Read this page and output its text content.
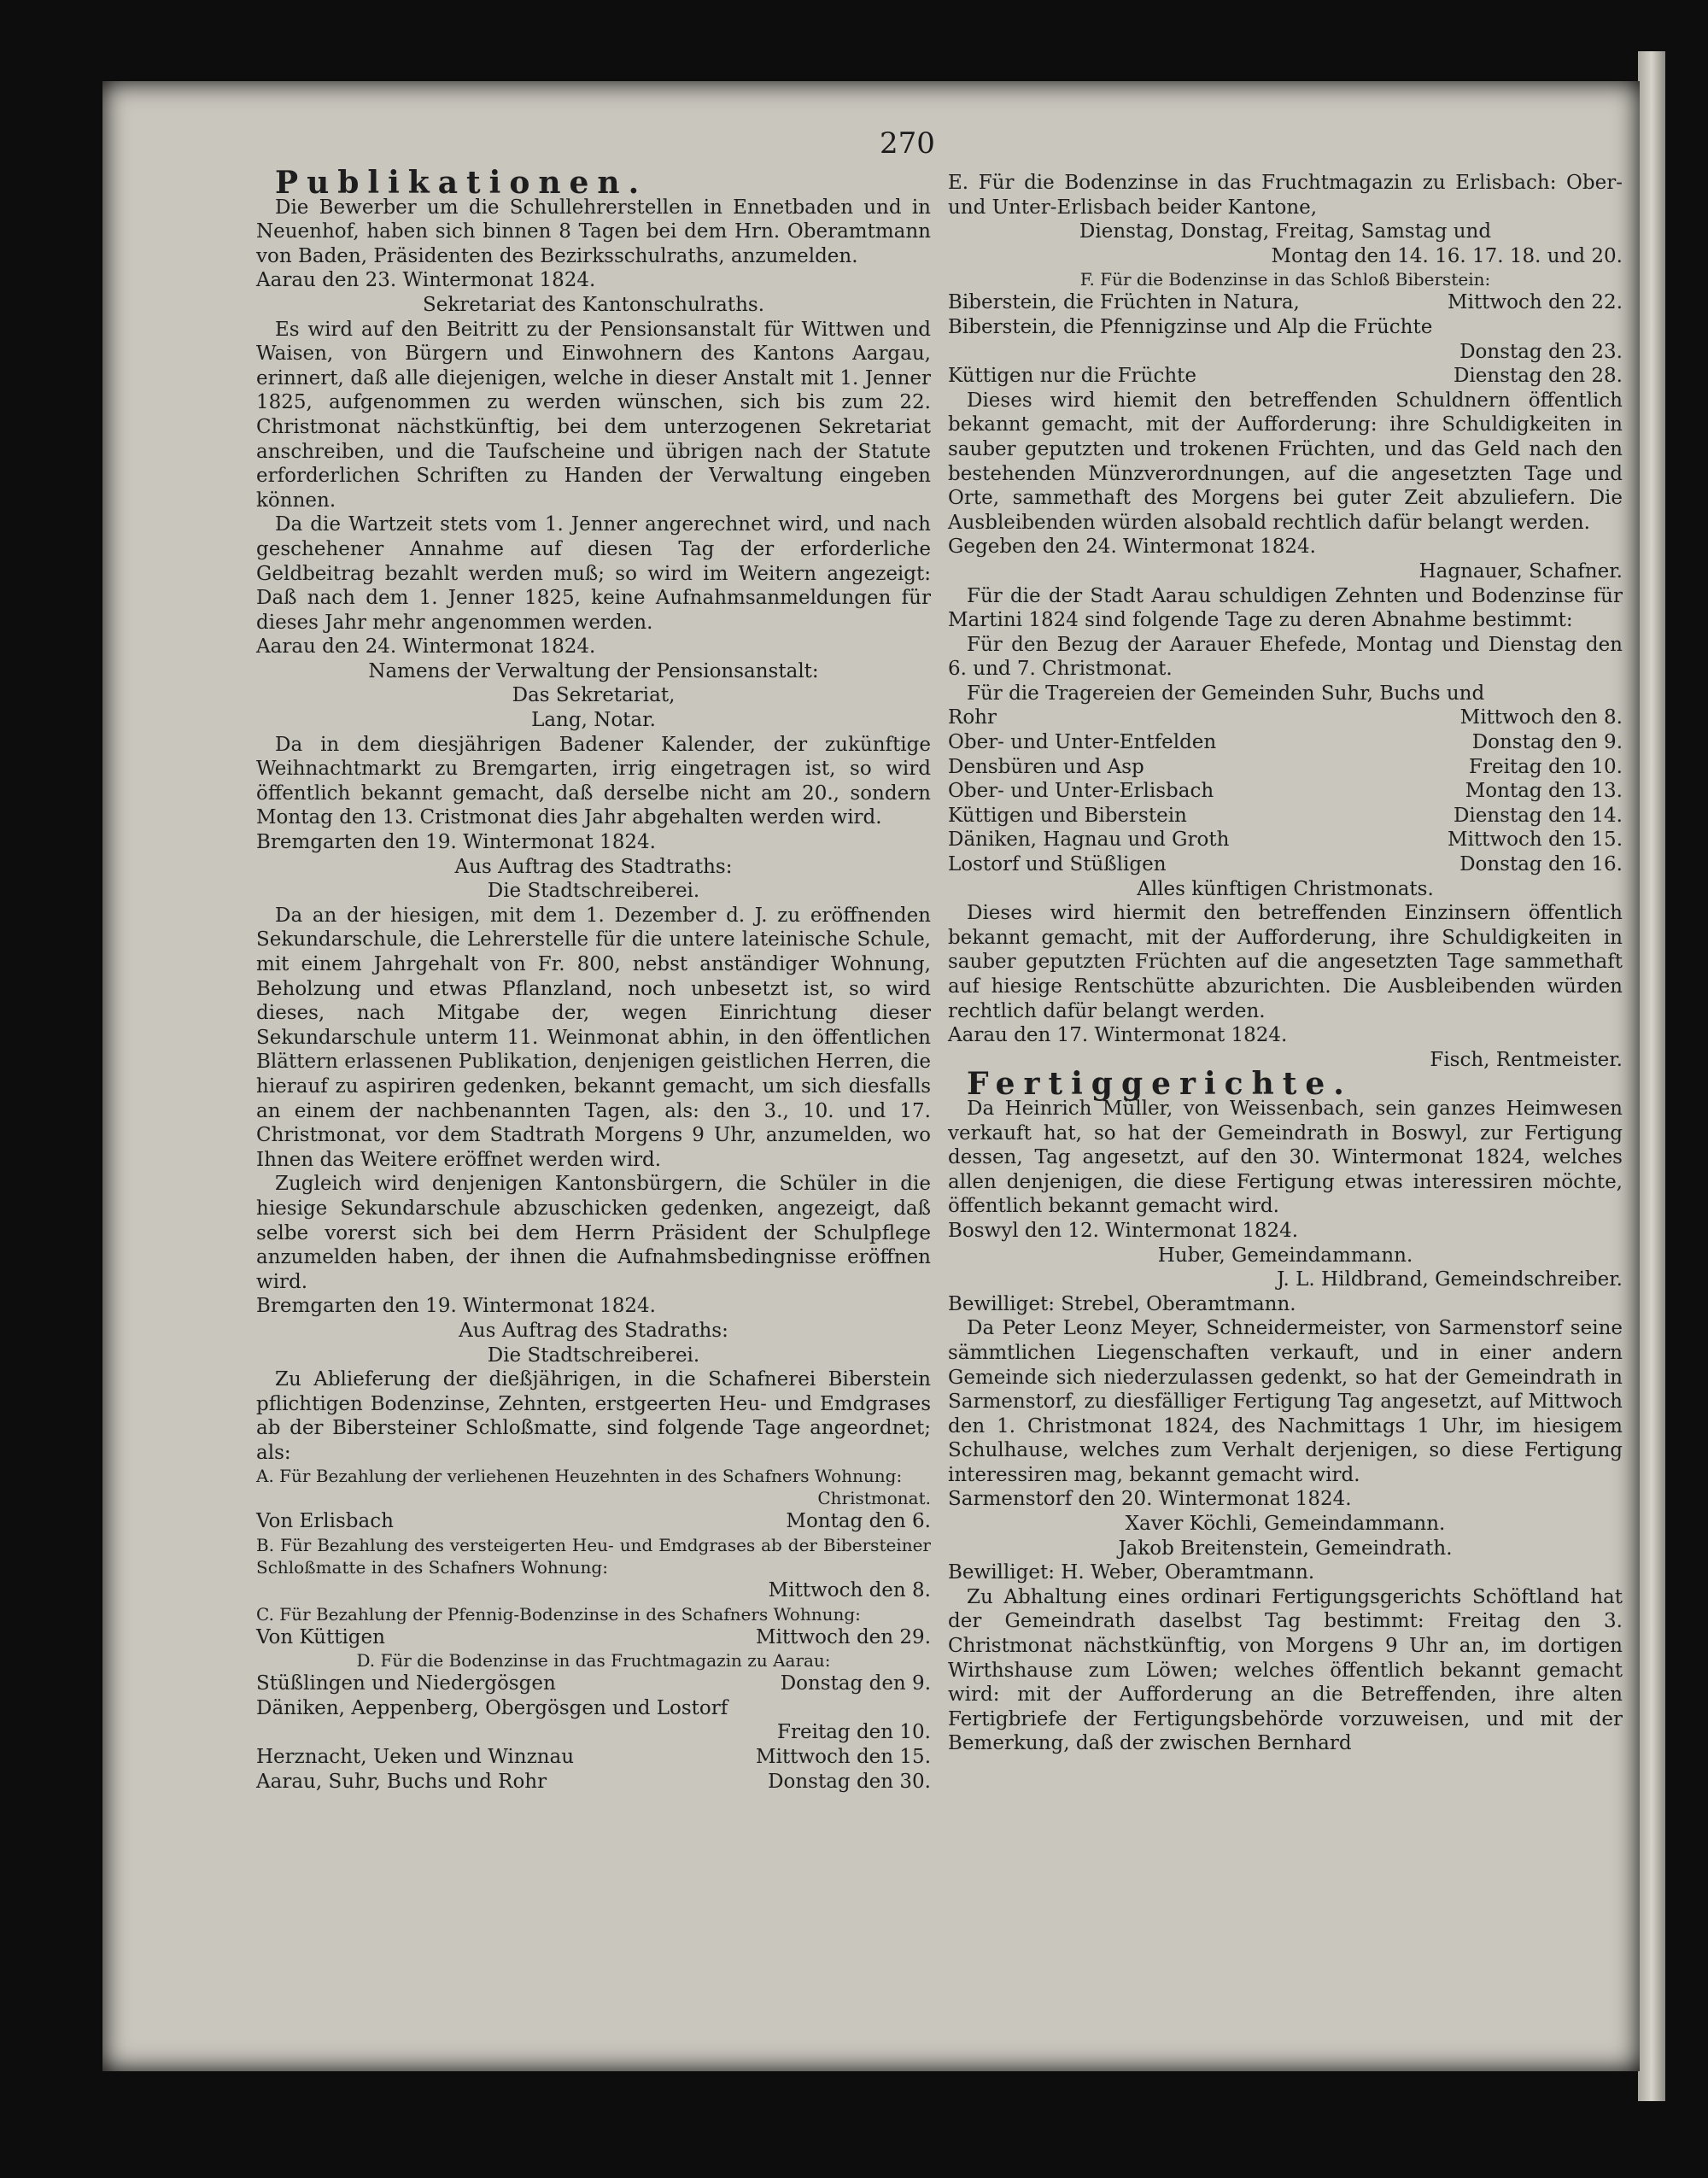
270

Publikationen.

Die Bewerber um die Schullehrerstellen in Ennetbaden und in Neuenhof, haben sich binnen 8 Tagen bei dem Hrn. Oberamtmann von Baden, Präsidenten des Bezirksschulraths, anzumelden.

Aarau den 23. Wintermonat 1824.

Sekretariat des Kantonschulraths.

Es wird auf den Beitritt zu der Pensionsanstalt für Wittwen und Waisen, von Bürgern und Einwohnern des Kantons Aargau, erinnert, daß alle diejenigen, welche in dieser Anstalt mit 1. Jenner 1825, aufgenommen zu werden wünschen, sich bis zum 22. Christmonat nächstkünftig, bei dem unterzogenen Sekretariat anschreiben, und die Taufscheine und übrigen nach der Statute erforderlichen Schriften zu Handen der Verwaltung eingeben können.

Da die Wartzeit stets vom 1. Jenner angerechnet wird, und nach geschehener Annahme auf diesen Tag der erforderliche Geldbeitrag bezahlt werden muß; so wird im Weitern angezeigt: Daß nach dem 1. Jenner 1825, keine Aufnahmsanmeldungen für dieses Jahr mehr angenommen werden.

Aarau den 24. Wintermonat 1824.

Namens der Verwaltung der Pensionsanstalt:

Das Sekretariat,

Lang, Notar.

Da in dem diesjährigen Badener Kalender, der zukünftige Weihnachtmarkt zu Bremgarten, irrig eingetragen ist, so wird öffentlich bekannt gemacht, daß derselbe nicht am 20., sondern Montag den 13. Cristmonat dies Jahr abgehalten werden wird.

Bremgarten den 19. Wintermonat 1824.

Aus Auftrag des Stadtraths:

Die Stadtschreiberei.

Da an der hiesigen, mit dem 1. Dezember d. J. zu eröffnenden Sekundarschule, die Lehrerstelle für die untere lateinische Schule, mit einem Jahrgehalt von Fr. 800, nebst anständiger Wohnung, Beholzung und etwas Pflanzland, noch unbesetzt ist, so wird dieses, nach Mitgabe der, wegen Einrichtung dieser Sekundarschule unterm 11. Weinmonat abhin, in den öffentlichen Blättern erlassenen Publikation, denjenigen geistlichen Herren, die hierauf zu aspiriren gedenken, bekannt gemacht, um sich diesfalls an einem der nachbenannten Tagen, als: den 3., 10. und 17. Christmonat, vor dem Stadtrath Morgens 9 Uhr, anzumelden, wo Ihnen das Weitere eröffnet werden wird.

Zugleich wird denjenigen Kantonsbürgern, die Schüler in die hiesige Sekundarschule abzuschicken gedenken, angezeigt, daß selbe vorerst sich bei dem Herrn Präsident der Schulpflege anzumelden haben, der ihnen die Aufnahmsbedingnisse eröffnen wird.

Bremgarten den 19. Wintermonat 1824.

Aus Auftrag des Stadraths:

Die Stadtschreiberei.

Zu Ablieferung der dießjährigen, in die Schafnerei Biberstein pflichtigen Bodenzinse, Zehnten, erstgeerten Heu- und Emdgrases ab der Bibersteiner Schloßmatte, sind folgende Tage angeordnet; als:

A. Für Bezahlung der verliehenen Heuzehnten in des Schafners Wohnung:

Christmonat.

Von Erlisbach	Montag den 6.

B. Für Bezahlung des versteigerten Heu- und Emdgrases ab der Bibersteiner Schloßmatte in des Schafners Wohnung:

Mittwoch den 8.

C. Für Bezahlung der Pfennig-Bodenzinse in des Schafners Wohnung:

Von Küttigen	Mittwoch den 29.

D. Für die Bodenzinse in das Fruchtmagazin zu Aarau:

Stüßlingen und Niedergösgen	Donstag den 9.

Däniken, Aeppenberg, Obergösgen und Lostorf

Freitag den 10.

Herznacht, Ueken und Winznau	Mittwoch den 15.
Aarau, Suhr, Buchs und Rohr	Donstag den 30.

E. Für die Bodenzinse in das Fruchtmagazin zu Erlisbach: Ober- und Unter-Erlisbach beider Kantone,

Dienstag, Donstag, Freitag, Samstag und

Montag den 14. 16. 17. 18. und 20.

F. Für die Bodenzinse in das Schloß Biberstein:

Biberstein, die Früchten in Natura,	Mittwoch den 22.

Biberstein, die Pfennigzinse und Alp die Früchte

Donstag den 23.

Küttigen nur die Früchte	Dienstag den 28.

Dieses wird hiemit den betreffenden Schuldnern öffentlich bekannt gemacht, mit der Aufforderung: ihre Schuldigkeiten in sauber geputzten und trokenen Früchten, und das Geld nach den bestehenden Münzverordnungen, auf die angesetzten Tage und Orte, sammethaft des Morgens bei guter Zeit abzuliefern. Die Ausbleibenden würden alsobald rechtlich dafür belangt werden.

Gegeben den 24. Wintermonat 1824.

Hagnauer, Schafner.

Für die der Stadt Aarau schuldigen Zehnten und Bodenzinse für Martini 1824 sind folgende Tage zu deren Abnahme bestimmt:

Für den Bezug der Aarauer Ehefede, Montag und Dienstag den 6. und 7. Christmonat.

Für die Tragereien der Gemeinden Suhr, Buchs und

Rohr	Mittwoch den 8.
Ober- und Unter-Entfelden	Donstag den 9.
Densbüren und Asp	Freitag den 10.
Ober- und Unter-Erlisbach	Montag den 13.
Küttigen und Biberstein	Dienstag den 14.
Däniken, Hagnau und Groth	Mittwoch den 15.
Lostorf und Stüßligen	Donstag den 16.

Alles künftigen Christmonats.

Dieses wird hiermit den betreffenden Einzinsern öffentlich bekannt gemacht, mit der Aufforderung, ihre Schuldigkeiten in sauber geputzten Früchten auf die angesetzten Tage sammethaft auf hiesige Rentschütte abzurichten. Die Ausbleibenden würden rechtlich dafür belangt werden.

Aarau den 17. Wintermonat 1824.

Fisch, Rentmeister.

Fertiggerichte.

Da Heinrich Müller, von Weissenbach, sein ganzes Heimwesen verkauft hat, so hat der Gemeindrath in Boswyl, zur Fertigung dessen, Tag angesetzt, auf den 30. Wintermonat 1824, welches allen denjenigen, die diese Fertigung etwas interessiren möchte, öffentlich bekannt gemacht wird.

Boswyl den 12. Wintermonat 1824.

Huber, Gemeindammann.

J. L. Hildbrand, Gemeindschreiber.

Bewilliget: Strebel, Oberamtmann.

Da Peter Leonz Meyer, Schneidermeister, von Sarmenstorf seine sämmtlichen Liegenschaften verkauft, und in einer andern Gemeinde sich niederzulassen gedenkt, so hat der Gemeindrath in Sarmenstorf, zu diesfälliger Fertigung Tag angesetzt, auf Mittwoch den 1. Christmonat 1824, des Nachmittags 1 Uhr, im hiesigem Schulhause, welches zum Verhalt derjenigen, so diese Fertigung interessiren mag, bekannt gemacht wird.

Sarmenstorf den 20. Wintermonat 1824.

Xaver Köchli, Gemeindammann.

Jakob Breitenstein, Gemeindrath.

Bewilliget: H. Weber, Oberamtmann.

Zu Abhaltung eines ordinari Fertigungsgerichts Schöftland hat der Gemeindrath daselbst Tag bestimmt: Freitag den 3. Christmonat nächstkünftig, von Morgens 9 Uhr an, im dortigen Wirthshause zum Löwen; welches öffentlich bekannt gemacht wird: mit der Aufforderung an die Betreffenden, ihre alten Fertigbriefe der Fertigungsbehörde vorzuweisen, und mit der Bemerkung, daß der zwischen Bernhard
